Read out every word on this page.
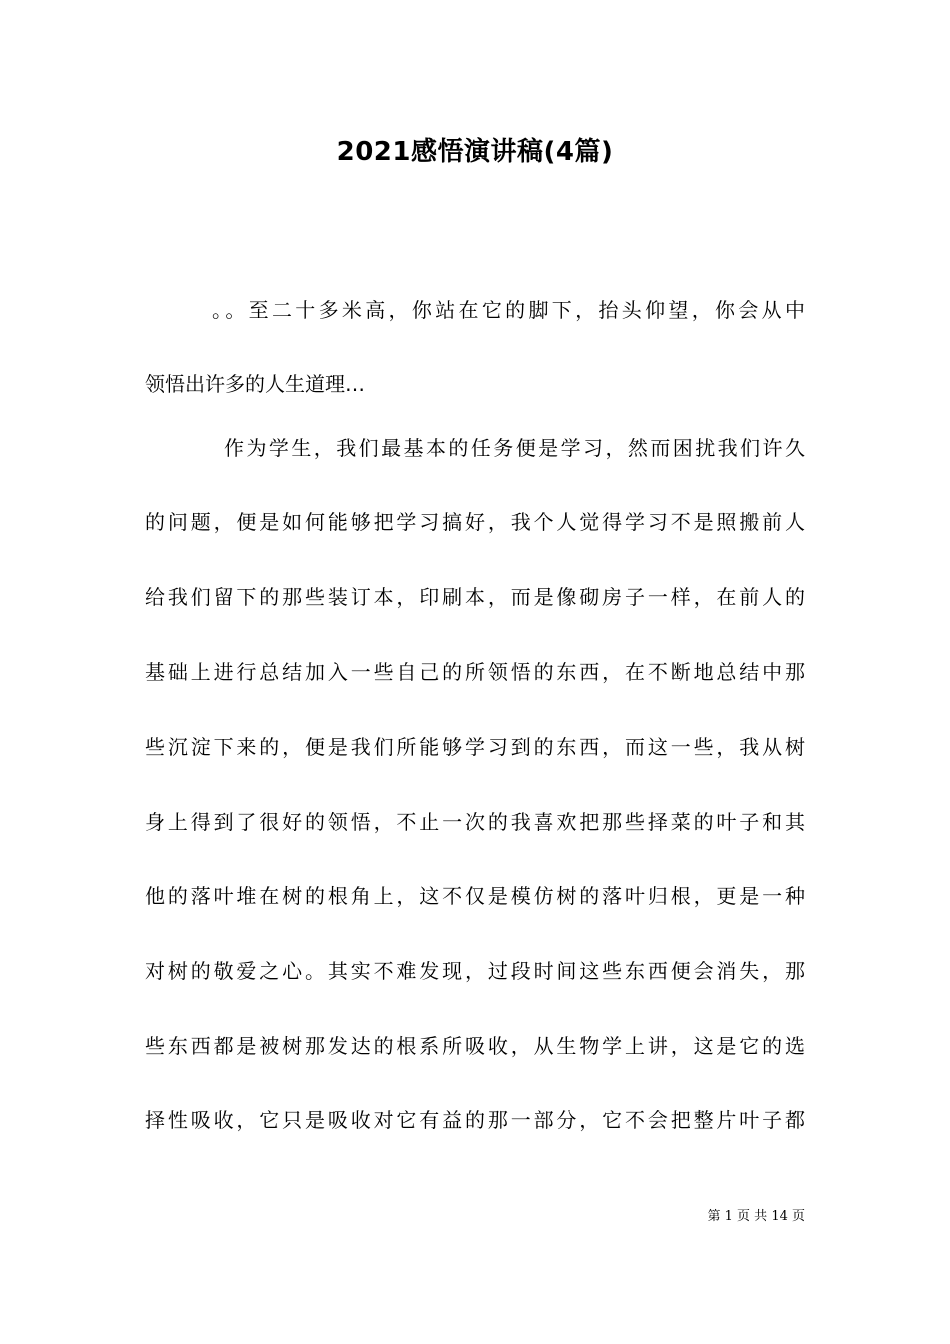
2021感悟演讲稿(4篇)

。。至二十多米高，你站在它的脚下，抬头仰望，你会从中

领悟出许多的人生道理…

作为学生，我们最基本的任务便是学习，然而困扰我们许久

的问题，便是如何能够把学习搞好，我个人觉得学习不是照搬前人

给我们留下的那些装订本，印刷本，而是像砌房子一样，在前人的

基础上进行总结加入一些自己的所领悟的东西，在不断地总结中那

些沉淀下来的，便是我们所能够学习到的东西，而这一些，我从树

身上得到了很好的领悟，不止一次的我喜欢把那些择菜的叶子和其

他的落叶堆在树的根角上，这不仅是模仿树的落叶归根，更是一种

对树的敬爱之心。其实不难发现，过段时间这些东西便会消失，那

些东西都是被树那发达的根系所吸收，从生物学上讲，这是它的选

择性吸收，它只是吸收对它有益的那一部分，它不会把整片叶子都

第 1 页 共 14 页
